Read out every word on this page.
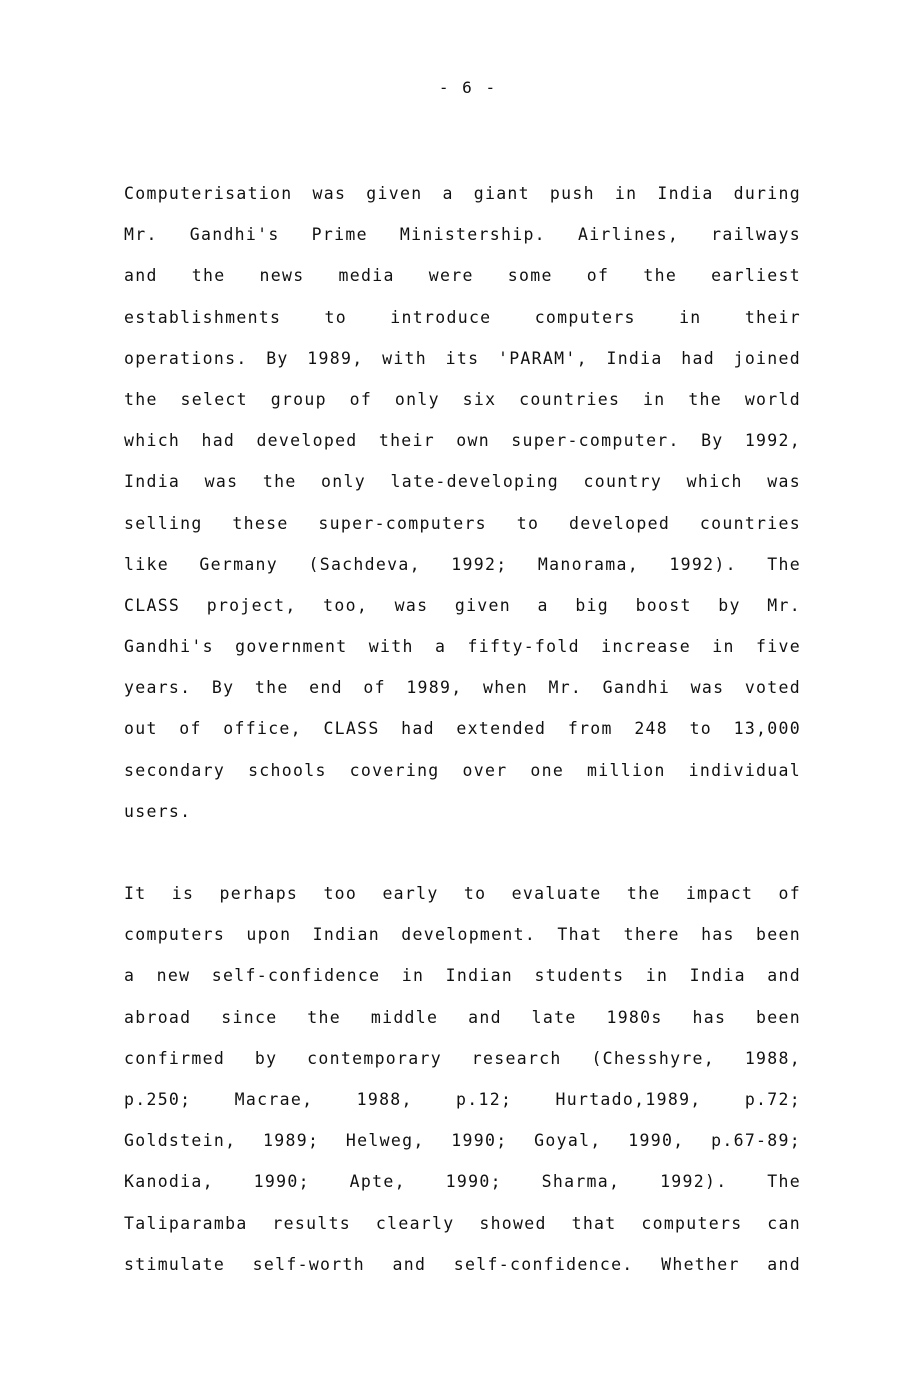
- 6 -
Computerisation was given a giant push in India during
Mr. Gandhi's Prime Ministership. Airlines, railways
and the news media were some of the earliest
establishments to introduce computers in their
operations. By 1989, with its 'PARAM', India had joined
the select group of only six countries in the world
which had developed their own super-computer. By 1992,
India was the only late-developing country which was
selling these super-computers to developed countries
like Germany (Sachdeva, 1992; Manorama, 1992). The
CLASS project, too, was given a big boost by Mr.
Gandhi's government with a fifty-fold increase in five
years. By the end of 1989, when Mr. Gandhi was voted
out of office, CLASS had extended from 248 to 13,000
secondary schools covering over one million individual
users.
It is perhaps too early to evaluate the impact of
computers upon Indian development. That there has been
a new self-confidence in Indian students in India and
abroad since the middle and late 1980s has been
confirmed by contemporary research (Chesshyre, 1988,
p.250; Macrae, 1988, p.12; Hurtado,1989, p.72;
Goldstein, 1989; Helweg, 1990; Goyal, 1990, p.67-89;
Kanodia, 1990; Apte, 1990; Sharma, 1992). The
Taliparamba results clearly showed that computers can
stimulate self-worth and self-confidence. Whether and
